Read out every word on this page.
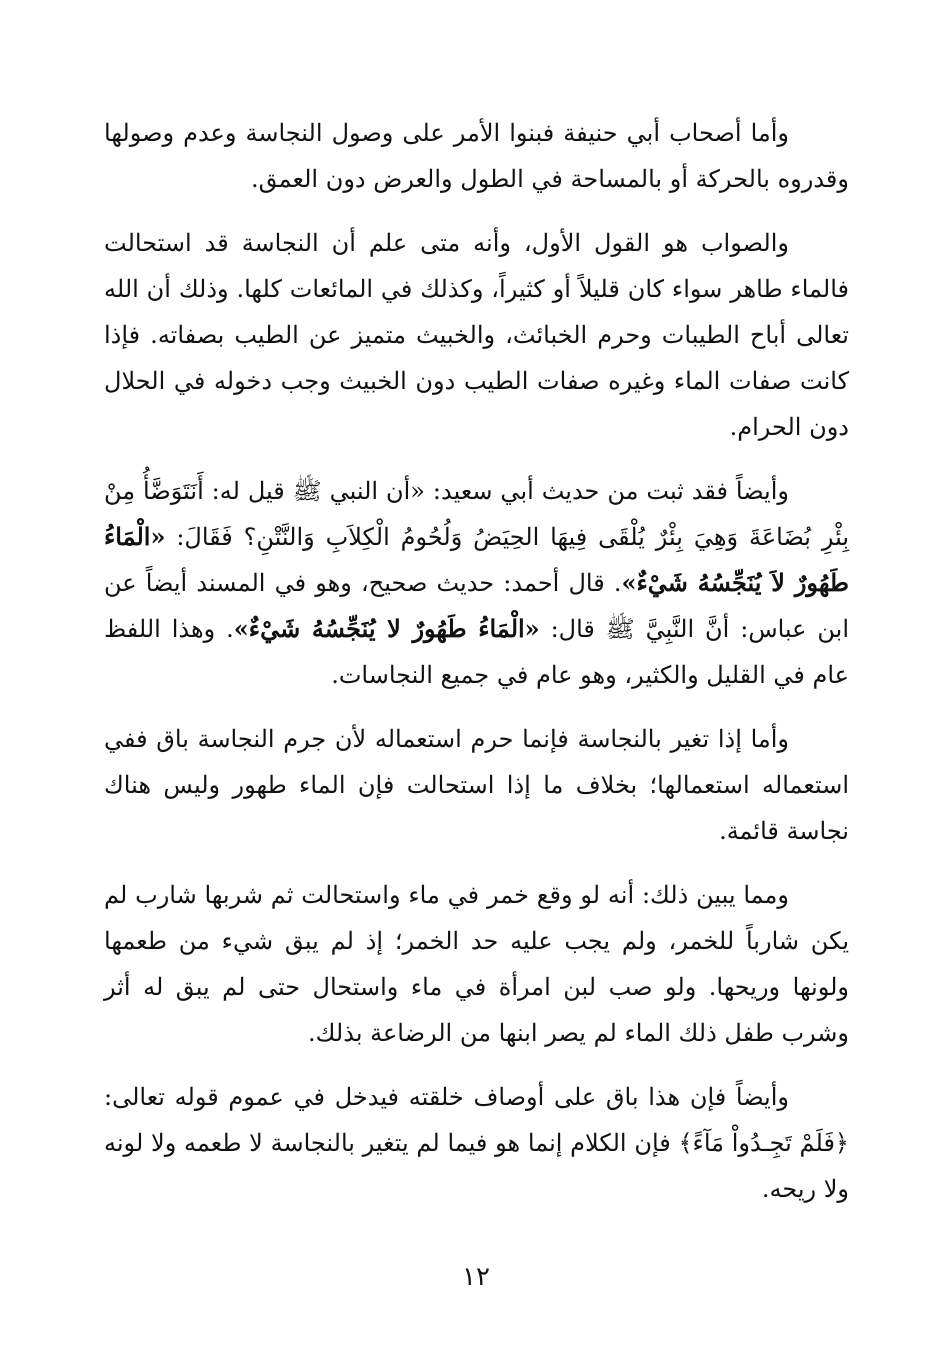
وأما أصحاب أبي حنيفة فبنوا الأمر على وصول النجاسة وعدم وصولها وقدروه بالحركة أو بالمساحة في الطول والعرض دون العمق.

والصواب هو القول الأول، وأنه متى علم أن النجاسة قد استحالت فالماء طاهر سواء كان قليلاً أو كثيراً، وكذلك في المائعات كلها. وذلك أن الله تعالى أباح الطيبات وحرم الخبائث، والخبيث متميز عن الطيب بصفاته. فإذا كانت صفات الماء وغيره صفات الطيب دون الخبيث وجب دخوله في الحلال دون الحرام.

وأيضاً فقد ثبت من حديث أبي سعيد: «أن النبي ﷺ قيل له: أَنَتَوَضَّأُ مِنْ بِئْرِ بُضَاعَةَ وَهِيَ بِئْرٌ يُلْقَى فِيهَا الحِيَضُ وَلُحُومُ الْكِلاَبِ وَالنَّتْنِ؟ فَقَالَ: «الْمَاءُ طَهُورٌ لاَ يُنَجِّسُهُ شَيْءٌ». قال أحمد: حديث صحيح، وهو في المسند أيضاً عن ابن عباس: أنَّ النَّبِيَّ ﷺ قال: «الْمَاءُ طَهُورٌ لا يُنَجِّسُهُ شَيْءٌ». وهذا اللفظ عام في القليل والكثير، وهو عام في جميع النجاسات.

وأما إذا تغير بالنجاسة فإنما حرم استعماله لأن جرم النجاسة باق ففي استعماله استعمالها؛ بخلاف ما إذا استحالت فإن الماء طهور وليس هناك نجاسة قائمة.

ومما يبين ذلك: أنه لو وقع خمر في ماء واستحالت ثم شربها شارب لم يكن شارباً للخمر، ولم يجب عليه حد الخمر؛ إذ لم يبق شيء من طعمها ولونها وريحها. ولو صب لبن امرأة في ماء واستحال حتى لم يبق له أثر وشرب طفل ذلك الماء لم يصر ابنها من الرضاعة بذلك.

وأيضاً فإن هذا باق على أوصاف خلقته فيدخل في عموم قوله تعالى: ﴿فَلَمْ تَجِـدُواْ مَآءً﴾ فإن الكلام إنما هو فيما لم يتغير بالنجاسة لا طعمه ولا لونه ولا ريحه.

١٢
